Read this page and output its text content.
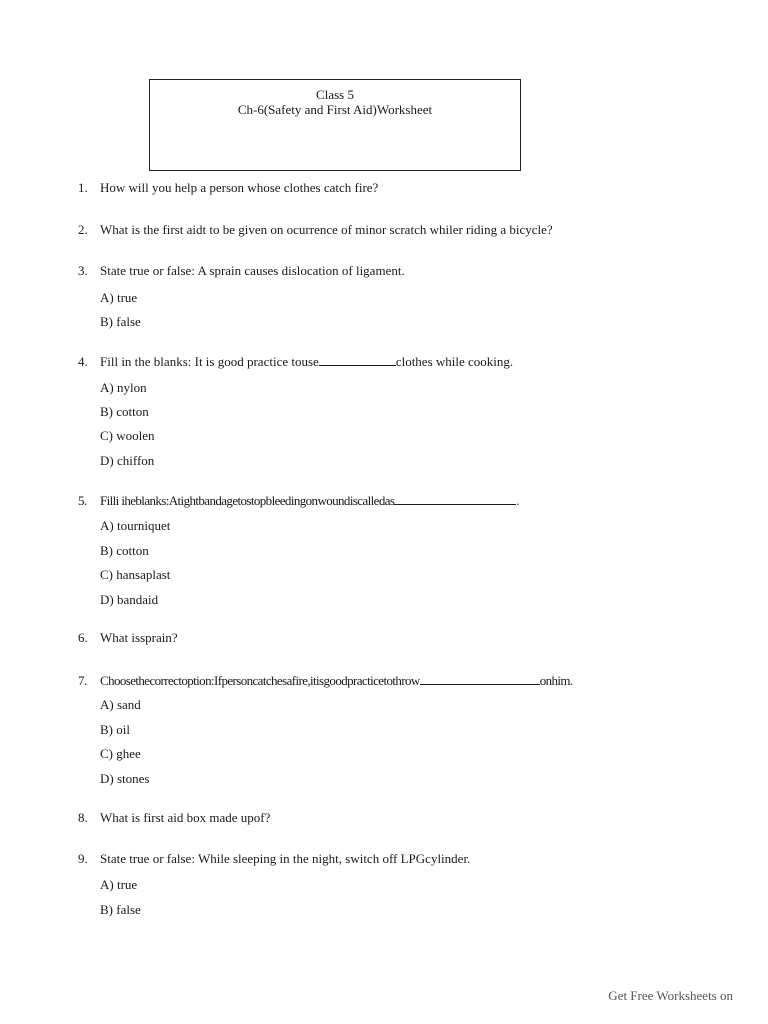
Class 5
Ch-6(Safety and First Aid)Worksheet
1. How will you help a person whose clothes catch fire?
2. What is the first aidt to be given on ocurrence of minor scratch whiler riding a bicycle?
3. State true or false: A sprain causes dislocation of ligament.
A) true
B) false
4. Fill in the blanks: It is good practice touse	clothes while cooking.
A) nylon
B) cotton
C) woolen
D) chiffon
5. Filli iheblanks:Atightbandagetostopbleedingonwoundiscalledas	.
A) tourniquet
B) cotton
C) hansaplast
D) bandaid
6. What issprain?
7. Choosethecorrectoption:Ifpersoncatchesafire,itisgoodpracticetothrow	onhim.
A) sand
B) oil
C) ghee
D) stones
8. What is first aid box made upof?
9. State true or false: While sleeping in the night, switch off LPGcylinder.
A) true
B) false
Get Free Worksheets on
